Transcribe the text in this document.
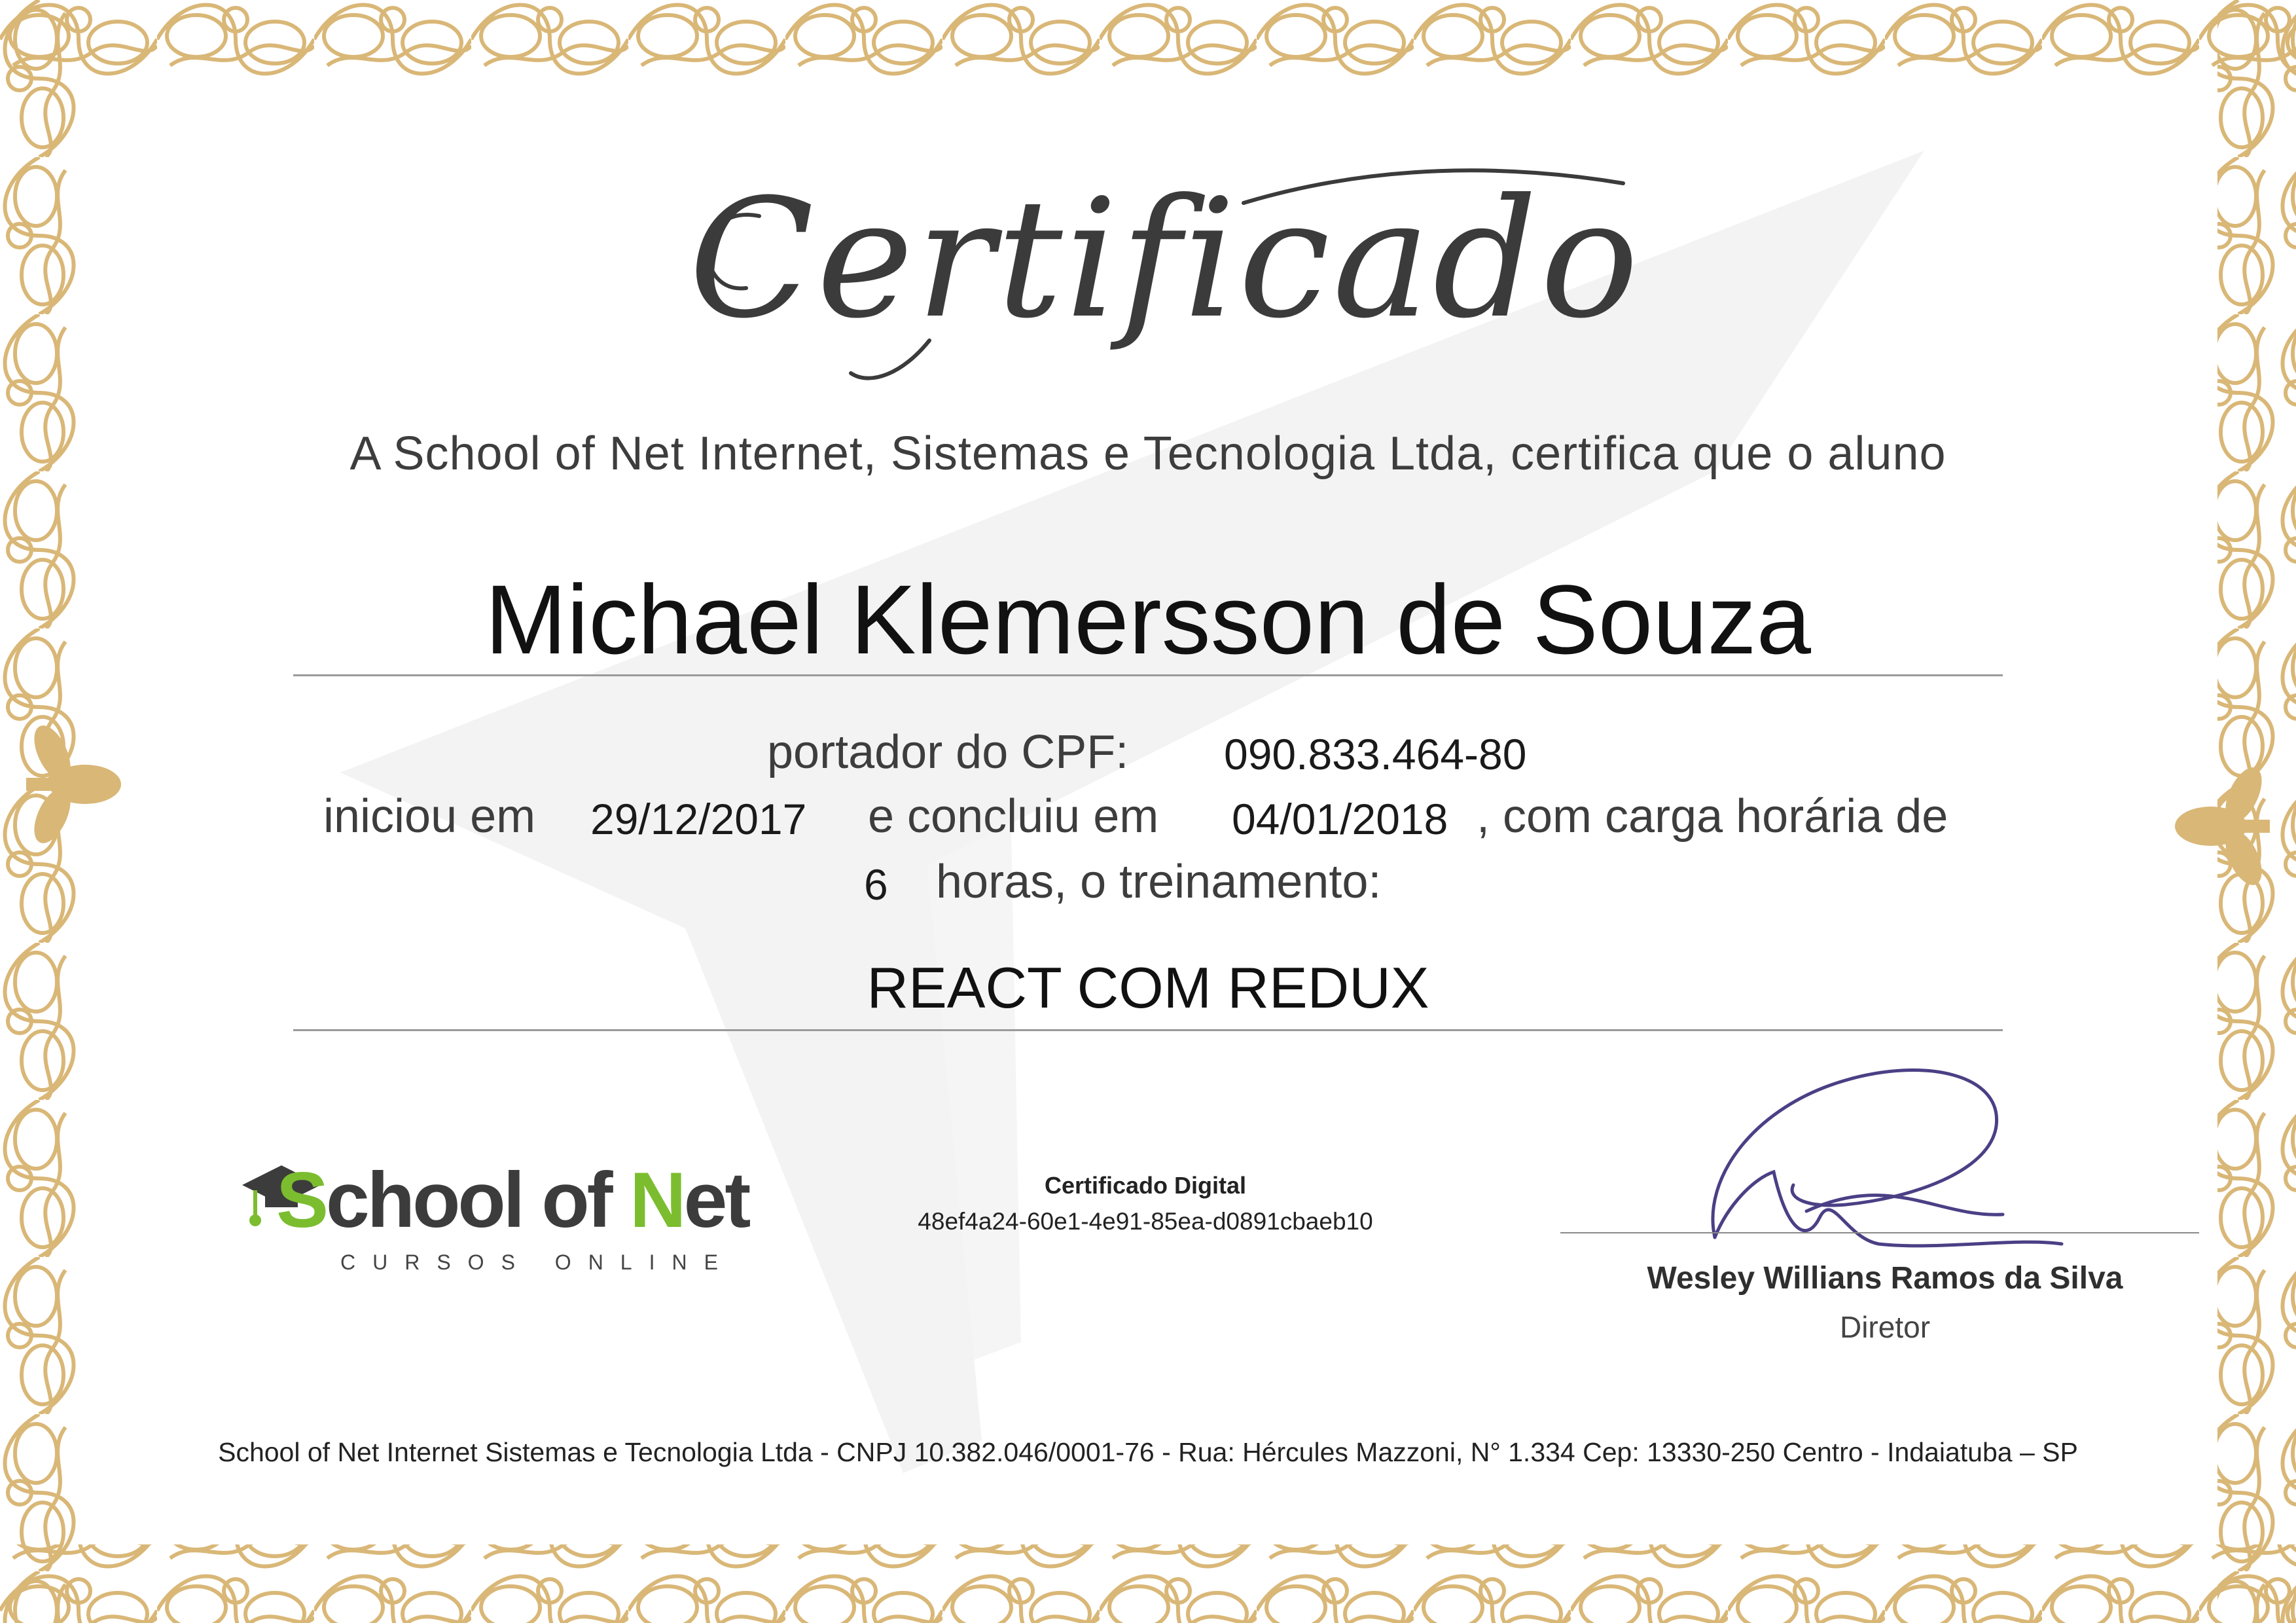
Certificado
A School of Net Internet, Sistemas e Tecnologia Ltda, certifica que o aluno
Michael Klemersson de Souza
portador do CPF: 090.833.464-80
iniciou em 29/12/2017 e concluiu em 04/01/2018 , com carga horária de
6 horas, o treinamento:
REACT COM REDUX
School of Net
CURSOS ONLINE
Certificado Digital
48ef4a24-60e1-4e91-85ea-d0891cbaeb10
Wesley Willians Ramos da Silva
Diretor
School of Net Internet Sistemas e Tecnologia Ltda - CNPJ 10.382.046/0001-76 - Rua: Hércules Mazzoni, N° 1.334 Cep: 13330-250 Centro - Indaiatuba – SP
